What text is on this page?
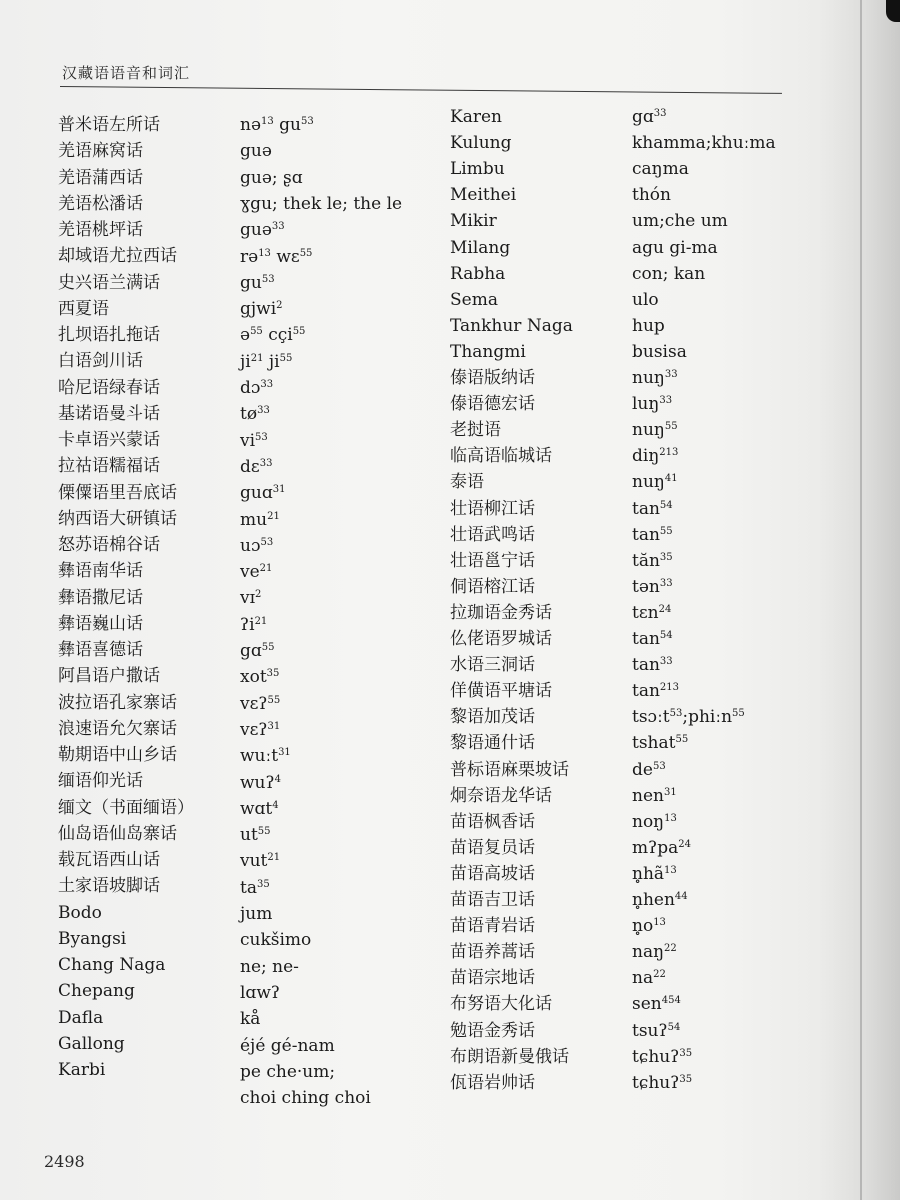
汉藏语语音和词汇
普米语左所话
羌语麻窝话
羌语蒲西话
羌语松潘话
羌语桃坪话
却域语尤拉西话
史兴语兰满话
西夏语
扎坝语扎拖话
白语剑川话
哈尼语绿春话
基诺语曼斗话
卡卓语兴蒙话
拉祜语糯福话
傈僳语里吾底话
纳西语大研镇话
怒苏语棉谷话
彝语南华话
彝语撒尼话
彝语巍山话
彝语喜德话
阿昌语户撒话
波拉语孔家寨话
浪速语允欠寨话
勒期语中山乡话
缅语仰光话
缅文（书面缅语）
仙岛语仙岛寨话
载瓦语西山话
土家语坡脚话
Bodo
Byangsi
Chang Naga
Chepang
Dafla
Gallong
Karbi
nə$^{13}$ $gu^{53}$
guə
guə; ʂɑ
ɣgu; thek le; the le
guə$^{33}$
rə$^{13}$ wɛ$^{55}$
$gu^{53}$
gjwi$^2$
ə$^{55}$ cçi$^{55}$
$ji^{21}$ $ji^{55}$
dɔ$^{33}$
$tø^{33}$
$vi^{53}$
dɛ$^{33}$
guɑ$^{31}$
$mu^{21}$
uɔ$^{53}$
$ve^{21}$
vɪ$^2$
ʔi$^{21}$
gɑ$^{55}$
xot$^{35}$
vɛʔ$^{55}$
vɛʔ$^{31}$
wuːt$^{31}$
wuʔ$^4$
wɑt$^4$
$ut^{55}$
vut$^{21}$
$ta^{35}$
jum
cukšimo
ne; ne-
lɑwʔ
kå
éjé gé-nam
pe che·um;
choi ching choi
Karen
Kulung
Limbu
Meithei
Mikir
Milang
Rabha
Sema
Tankhur Naga
Thangmi
傣语版纳话
傣语德宏话
老挝语
临高语临城话
泰语
壮语柳江话
壮语武鸣话
壮语邕宁话
侗语榕江话
拉珈语金秀话
仫佬语罗城话
水语三洞话
佯僙语平塘话
黎语加茂话
黎语通什话
普标语麻栗坡话
炯奈语龙华话
苗语枫香话
苗语复员话
苗语高坡话
苗语吉卫话
苗语青岩话
苗语养蒿话
苗语宗地话
布努语大化话
勉语金秀话
布朗语新曼俄话
佤语岩帅话
gɑ$^{33}$
khamma;khuːma
caŋma
thón
um;che um
agu gi-ma
con; kan
ulo
hup
busisa
nuŋ$^{33}$
luŋ$^{33}$
nuŋ$^{55}$
diŋ$^{213}$
nuŋ$^{41}$
$\tan^{54}$
$\tan^{55}$
tăn$^{35}$
tən$^{33}$
tɛn$^{24}$
$\tan^{54}$
$\tan^{33}$
$\tan^{213}$
tsɔːt$^{53}$;phiːn$^{55}$
tshat$^{55}$
$de^{53}$
nen$^{31}$
noŋ$^{13}$
mʔpa$^{24}$
$n̥hã^{13}$
n̥hen$^{44}$
$n̥o^{13}$
naŋ$^{22}$
$na^{22}$
sen$^{454}$
tsuʔ$^{54}$
tɕhuʔ$^{35}$
tɕhuʔ$^{35}$
2498
